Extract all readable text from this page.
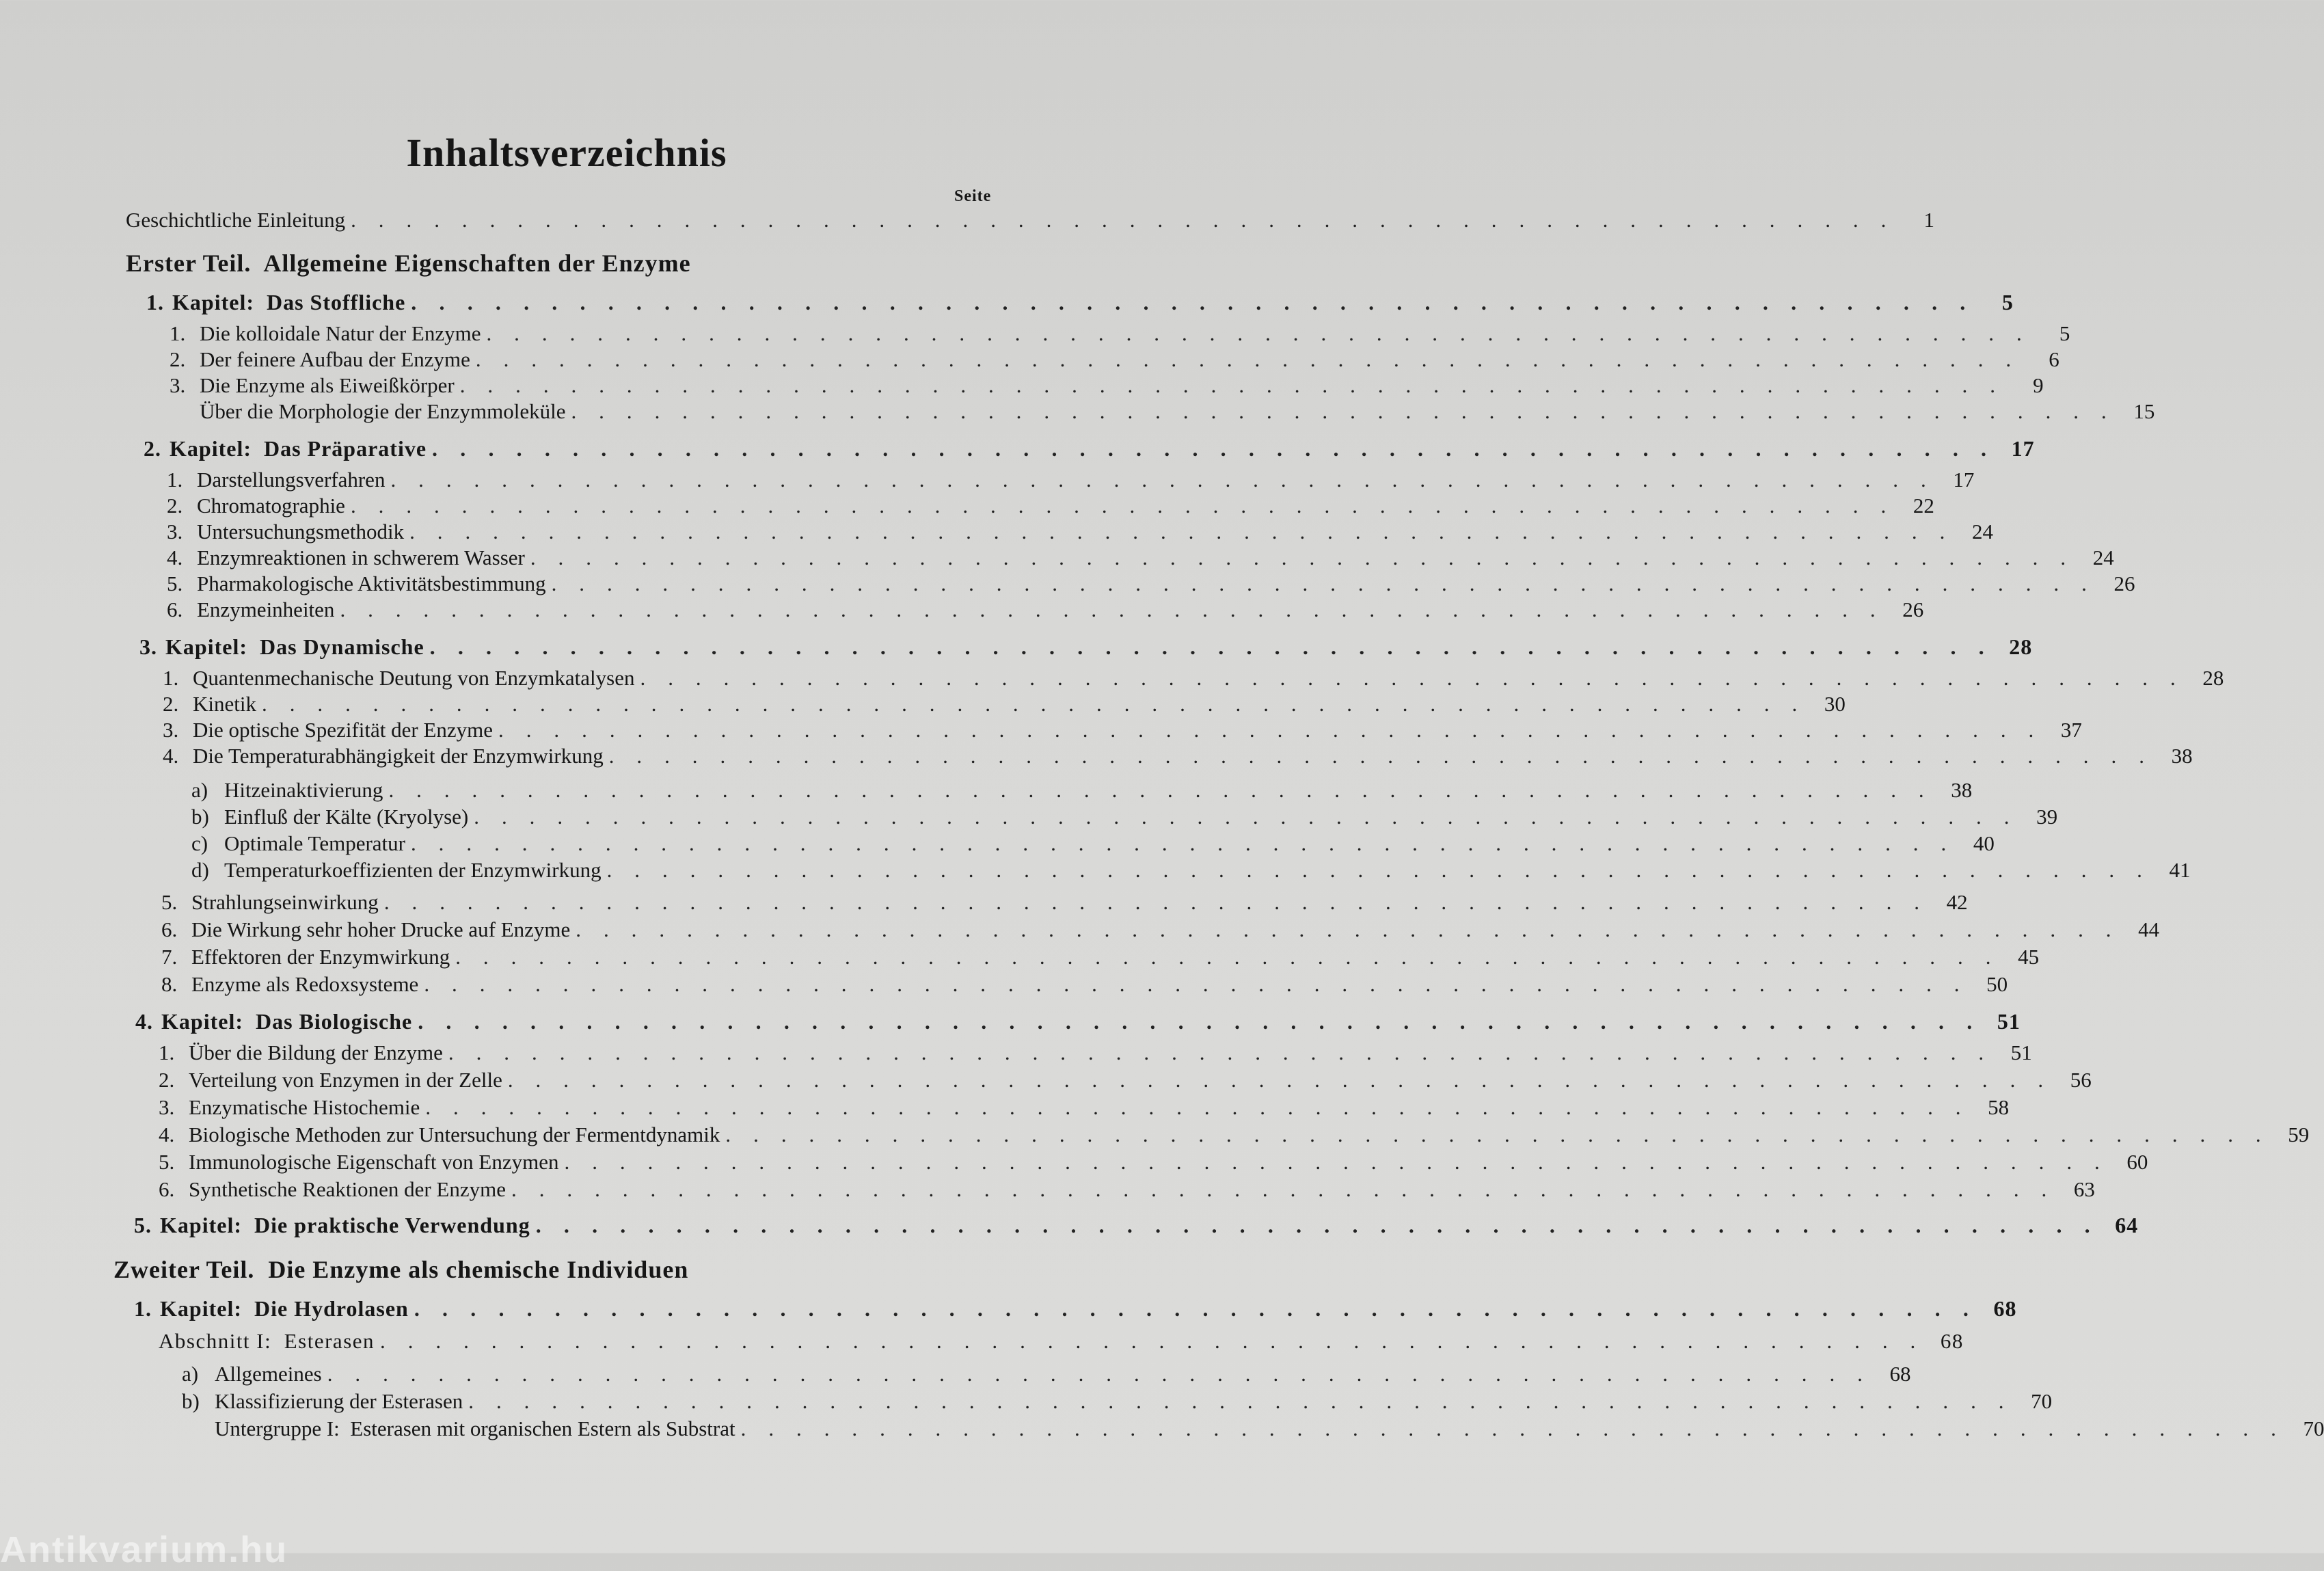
Inhaltsverzeichnis
Seite
Geschichtliche Einleitung . . . . . . . . . . . . . . . . . . . . . . . . . . . . . . . . . . . . . . . . . . . . . . . . . . . . . . . .	1
Erster Teil.  Allgemeine Eigenschaften der Enzyme
1. Kapitel:  Das Stoffliche . . . . . . . . . . . . . . . . . . . . . . . . . . . . . . . . . . . . . . . . . . . . . . . . . . . . . . . .	5
1. Die kolloidale Natur der Enzyme . . . . . . . . . . . . . . . . . . . . . . . . . . . . . . . . . . . . . . . . . . . . . . . . . . . . . . . .	5
2. Der feinere Aufbau der Enzyme . . . . . . . . . . . . . . . . . . . . . . . . . . . . . . . . . . . . . . . . . . . . . . . . . . . . . . . .	6
3. Die Enzyme als Eiweißkörper . . . . . . . . . . . . . . . . . . . . . . . . . . . . . . . . . . . . . . . . . . . . . . . . . . . . . . . .	9
Über die Morphologie der Enzymmoleküle . . . . . . . . . . . . . . . . . . . . . . . . . . . . . . . . . . . . . . . . . . . . . . . . . . . . . . . . 15
2. Kapitel:  Das Präparative . . . . . . . . . . . . . . . . . . . . . . . . . . . . . . . . . . . . . . . . . . . . . . . . . . . . . . . . 17
1. Darstellungsverfahren . . . . . . . . . . . . . . . . . . . . . . . . . . . . . . . . . . . . . . . . . . . . . . . . . . . . . . . . 17
2. Chromatographie . . . . . . . . . . . . . . . . . . . . . . . . . . . . . . . . . . . . . . . . . . . . . . . . . . . . . . . . 22
3. Untersuchungsmethodik . . . . . . . . . . . . . . . . . . . . . . . . . . . . . . . . . . . . . . . . . . . . . . . . . . . . . . . . 24
4. Enzymreaktionen in schwerem Wasser . . . . . . . . . . . . . . . . . . . . . . . . . . . . . . . . . . . . . . . . . . . . . . . . . . . . . . . . 24
5. Pharmakologische Aktivitätsbestimmung . . . . . . . . . . . . . . . . . . . . . . . . . . . . . . . . . . . . . . . . . . . . . . . . . . . . . . . . 26
6. Enzymeinheiten . . . . . . . . . . . . . . . . . . . . . . . . . . . . . . . . . . . . . . . . . . . . . . . . . . . . . . . . 26
3. Kapitel:  Das Dynamische . . . . . . . . . . . . . . . . . . . . . . . . . . . . . . . . . . . . . . . . . . . . . . . . . . . . . . . . 28
1. Quantenmechanische Deutung von Enzymkatalysen . . . . . . . . . . . . . . . . . . . . . . . . . . . . . . . . . . . . . . . . . . . . . . . . . . . . . . . . 28
2. Kinetik . . . . . . . . . . . . . . . . . . . . . . . . . . . . . . . . . . . . . . . . . . . . . . . . . . . . . . . . 30
3. Die optische Spezifität der Enzyme . . . . . . . . . . . . . . . . . . . . . . . . . . . . . . . . . . . . . . . . . . . . . . . . . . . . . . . . 37
4. Die Temperaturabhängigkeit der Enzymwirkung . . . . . . . . . . . . . . . . . . . . . . . . . . . . . . . . . . . . . . . . . . . . . . . . . . . . . . . . 38
a) Hitzeinaktivierung . . . . . . . . . . . . . . . . . . . . . . . . . . . . . . . . . . . . . . . . . . . . . . . . . . . . . . . . 38
b) Einfluß der Kälte (Kryolyse) . . . . . . . . . . . . . . . . . . . . . . . . . . . . . . . . . . . . . . . . . . . . . . . . . . . . . . . . 39
c) Optimale Temperatur . . . . . . . . . . . . . . . . . . . . . . . . . . . . . . . . . . . . . . . . . . . . . . . . . . . . . . . . 40
d) Temperaturkoeffizienten der Enzymwirkung . . . . . . . . . . . . . . . . . . . . . . . . . . . . . . . . . . . . . . . . . . . . . . . . . . . . . . . . 41
5. Strahlungseinwirkung . . . . . . . . . . . . . . . . . . . . . . . . . . . . . . . . . . . . . . . . . . . . . . . . . . . . . . . . 42
6. Die Wirkung sehr hoher Drucke auf Enzyme . . . . . . . . . . . . . . . . . . . . . . . . . . . . . . . . . . . . . . . . . . . . . . . . . . . . . . . . 44
7. Effektoren der Enzymwirkung . . . . . . . . . . . . . . . . . . . . . . . . . . . . . . . . . . . . . . . . . . . . . . . . . . . . . . . . 45
8. Enzyme als Redoxsysteme . . . . . . . . . . . . . . . . . . . . . . . . . . . . . . . . . . . . . . . . . . . . . . . . . . . . . . . . 50
4. Kapitel:  Das Biologische . . . . . . . . . . . . . . . . . . . . . . . . . . . . . . . . . . . . . . . . . . . . . . . . . . . . . . . . 51
1. Über die Bildung der Enzyme . . . . . . . . . . . . . . . . . . . . . . . . . . . . . . . . . . . . . . . . . . . . . . . . . . . . . . . . 51
2. Verteilung von Enzymen in der Zelle . . . . . . . . . . . . . . . . . . . . . . . . . . . . . . . . . . . . . . . . . . . . . . . . . . . . . . . . 56
3. Enzymatische Histochemie . . . . . . . . . . . . . . . . . . . . . . . . . . . . . . . . . . . . . . . . . . . . . . . . . . . . . . . . 58
4. Biologische Methoden zur Untersuchung der Fermentdynamik . . . . . . . . . . . . . . . . . . . . . . . . . . . . . . . . . . . . . . . . . . . . . . . . . . . . . . . . 59
5. Immunologische Eigenschaft von Enzymen . . . . . . . . . . . . . . . . . . . . . . . . . . . . . . . . . . . . . . . . . . . . . . . . . . . . . . . . 60
6. Synthetische Reaktionen der Enzyme . . . . . . . . . . . . . . . . . . . . . . . . . . . . . . . . . . . . . . . . . . . . . . . . . . . . . . . . 63
5. Kapitel:  Die praktische Verwendung . . . . . . . . . . . . . . . . . . . . . . . . . . . . . . . . . . . . . . . . . . . . . . . . . . . . . . . . 64
Zweiter Teil.  Die Enzyme als chemische Individuen
1. Kapitel:  Die Hydrolasen . . . . . . . . . . . . . . . . . . . . . . . . . . . . . . . . . . . . . . . . . . . . . . . . . . . . . . . . 68
Abschnitt I:  Esterasen . . . . . . . . . . . . . . . . . . . . . . . . . . . . . . . . . . . . . . . . . . . . . . . . . . . . . . . . 68
a) Allgemeines . . . . . . . . . . . . . . . . . . . . . . . . . . . . . . . . . . . . . . . . . . . . . . . . . . . . . . . . 68
b) Klassifizierung der Esterasen . . . . . . . . . . . . . . . . . . . . . . . . . . . . . . . . . . . . . . . . . . . . . . . . . . . . . . . . 70
Untergruppe I:  Esterasen mit organischen Estern als Substrat . . . . . . . . . . . . . . . . . . . . . . . . . . . . . . . . . . . . . . . . . . . . . . . . . . . . . . . . 70
Antikvarium.hu
